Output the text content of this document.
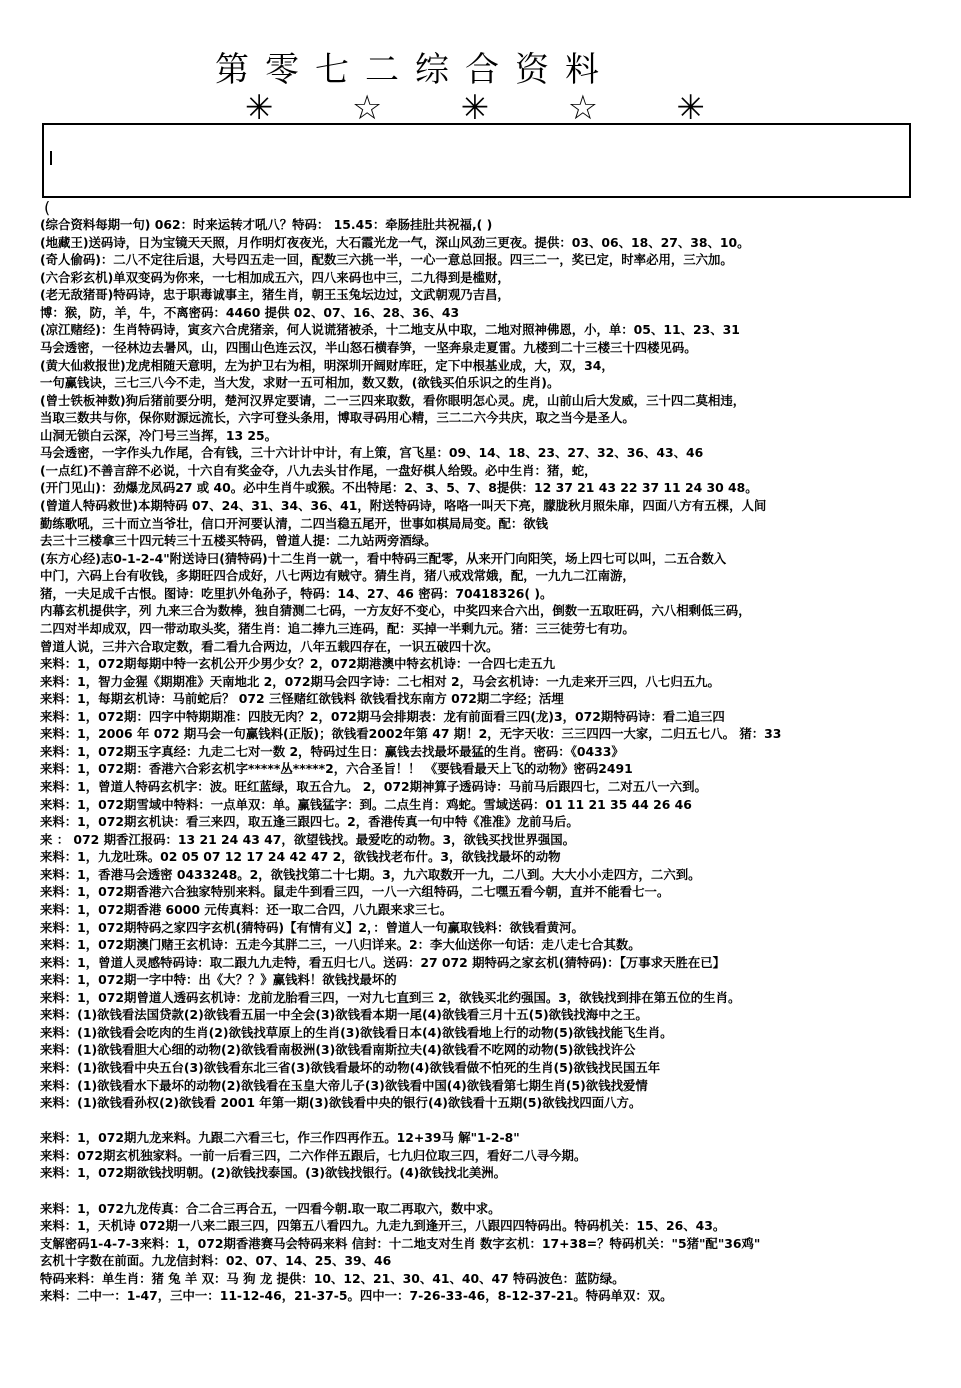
第零七二综合资料
✳ ☆ ✳ ☆ ✳
(
(综合资料每期一句) 062：时来运转才吼八？特码： 15.45：牵肠挂肚共祝福,( )
(地藏王)送码诗，日为宝镜天天照，月作明灯夜夜光，大石霞光龙一气，深山风劲三更夜。提供：03、06、18、27、38、10。
(奇人偷码)：二八不定往后退，大号四五走一回，配数三六挑一半，一心一意总回报。四三二一，奖已定，时率必用，三六加。
(六合彩玄机)单双变码为你来，一七相加成五六，四八来码也中三，二九得到是槛财，
(老无敌猪哥)特码诗，忠于职毒诚事主，猪生肖，朝王玉兔坛边过，文武朝观乃吉昌，
博：猴，防，羊，牛，不离密码：4460 提供 02、07、16、28、36、43
(凉江赌经)：生肖特码诗，寅亥六合虎猪亲，何人说谎猪被杀，十二地支从中取，二地对照神佛恩，小，单：05、11、23、31
马会透密，一径林边去暑风，山，四围山色连云汉，半山怒石横春笋，一坚奔泉走夏雷。九楼到二十三楼三十四楼见码。
(黄大仙救报世)龙虎相随天意明，左为护卫右为相，明深圳开阔财库旺，定下中根基业成，大，双，34，
一句赢钱诀，三七三八今不走，当大发，求财一五可相加，数又数，(欲钱买伯乐识之的生肖)。
(曾士铁板神数)狗后猪前要分明，楚河汉界定要请，二一三四来取数，看你眼明怎心灵。虎，山前山后大发威，三十四二莫相违，
当取三数共与你，保你财源远流长，六字可登头条用，博取寻码用心精，三二二六今共庆，取之当今是圣人。
山洞无锁白云深，冷门号三当挥，13 25。
马会透密，一字作头九作尾，合有钱，三十六计计中计，有上策，宫飞星：09、14、18、23、27、32、36、43、46
(一点红)不善言辞不必说，十六自有奖金夺，八九去头甘作尾，一盘好棋人给毁。必中生肖：猪，蛇，
(开门见山)：劲爆龙凤码27 或 40。必中生肖牛或猴。不出特尾：2、3、5、7、8提供：12 37 21 43 22 37 11 24 30 48。
(曾道人特码救世)本期特码 07、24、31、34、36、41，附送特码诗，咯咯一叫天下亮，朦胧秋月照朱扉，四面八方有五棵，人间
勤练歌吼，三十而立当爷壮，信口开河要认清，二四当稳五尾开，世事如棋局局变。配：欲钱
去三十三楼拿三十四元转三十五楼买特码，曾道人提：二九站两旁酒绿。
(东方心经)志0-1-2-4"附送诗曰(猜特码)十二生肖一就一，看中特码三配零，从来开门向阳笑，场上四七可以叫，二五合数入
中门，六码上台有收钱，多期旺四合成好，八七两边有贼守。猜生肖，猪八戒戏常娥，配，一九九二江南游，
猪，一夫足成千古恨。图诗：吃里扒外龟孙子，特码：14、27、46 密码：70418326( )。
内幕玄机提供字，列 九来三合为数棒，独自猜测二七码，一方友好不变心，中奖四来合六出，倒数一五取旺码，六八相剩低三码，
二四对半却成双，四一带动取头奖，猪生肖：追二捧九三连码，配：买掉一半剩九元。猪：三三徒劳七有功。
曾道人说，三井六合取定数，看二看九合两边，八年五载四存在，一识五破四十次。
来料：1，072期每期中特一玄机公开少男少女？2，072期港澳中特玄机诗：一合四七走五九
来料：1，智力金猩《期期准》天南地北 2，072期马会四字诗：二七相对 2，马会玄机诗：一九走来开三四，八七归五九。
来料：1，每期玄机诗：马前蛇后？ 072 三怪赌红欲钱料 欲钱看找东南方 072期二字经；活埋
来料：1，072期：四字中特期期准：四肢无肉？2，072期马会排期表：龙有前面看三四(龙)3，072期特码诗：看二追三四
来料：1，2006 年 072 期马会一句赢钱料(正版)；欲钱看2002年第 47 期！2，无字天收：三三四四一大家，二归五七八。 猪：33
来料：1，072期玉字真经：九走二七对一数 2，特码过生日：赢钱去找最坏最猛的生肖。密码：《0433》
来料：1，072期：香港六合彩玄机字*****丛*****2，六合圣旨！！ 《要钱看最天上飞的动物》密码2491
来料：1，曾道人特码玄机字：波。旺红蓝绿，取五合九。 2，072期神算子透码诗：马前马后跟四七，二对五八一六到。
来料：1，072期雪域中特料：一点单双：单。赢钱猛字：到。二点生肖：鸡蛇。雪域送码：01 11 21 35 44 26 46
来料：1，072期玄机诀：看三来四，取五逢三跟四七。2，香港传真一句中特《准准》龙前马后。
来 ： 072 期香江报码：13 21 24 43 47，欲望钱找。最爱吃的动物。3，欲钱买找世界强国。
来料：1，九龙吐珠。02 05 07 12 17 24 42 47 2，欲钱找老布什。3，欲钱找最坏的动物
来料：1，香港马会透密 0433248。2，欲钱找第二十七期。3，九六取数开一九，二八到。大大小小走四方，二六到。
来料：1，072期香港六合独家特别来料。鼠走牛到看三四，一八一六组特码，二七嘿五看今朝，直并不能看七一。
来料：1，072期香港 6000 元传真料：还一取二合四，八九跟来求三七。
来料：1，072期特码之家四字玄机(猜特码)【有情有义】2，：曾道人一句赢取钱料：欲钱看黄河。
来料：1，072期澳门赌王玄机诗：五走今其胖二三，一八归详来。2：李大仙送你一句话：走八走七合其数。
来料：1，曾道人灵感特码诗：取二跟九九走特，看五归七八。送码：27 072 期特码之家玄机(猜特码)：【万事求天胜在已】
来料：1，072期一字中特：出《大？？》赢钱料！欲钱找最坏的
来料：1，072期曾道人透码玄机诗：龙前龙胎看三四，一对九七直到三 2，欲钱买北约强国。3，欲钱找到排在第五位的生肖。
来料：(1)欲钱看法国贷款(2)欲钱看五届一中全会(3)欲钱看本期一尾(4)欲钱看三月十五(5)欲钱找海中之王。
来料：(1)欲钱看会吃肉的生肖(2)欲钱找草原上的生肖(3)欲钱看日本(4)欲钱看地上行的动物(5)欲钱找能飞生肖。
来料：(1)欲钱看胆大心细的动物(2)欲钱看南极洲(3)欲钱看南斯拉夫(4)欲钱看不吃网的动物(5)欲钱找许公
来料：(1)欲钱看中央五台(3)欲钱看东北三省(3)欲钱看最坏的动物(4)欲钱看做不怕死的生肖(5)欲钱找民国五年
来料：(1)欲钱看水下最坏的动物(2)欲钱看在玉皇大帝儿子(3)欲钱看中国(4)欲钱看第七期生肖(5)欲钱找爱情
来料：(1)欲钱看孙权(2)欲钱看 2001 年第一期(3)欲钱看中央的银行(4)欲钱看十五期(5)欲钱找四面八方。
来料：1，072期九龙来料。九跟二六看三七，作三作四再作五。12+39马 解"1-2-8"
来料：072期玄机独家料。一前一后看三四，二六作伴五跟后，七九归位取三四，看好二八寻今期。
来料：1，072期欲钱找明朝。(2)欲钱找泰国。(3)欲钱找银行。(4)欲钱找北美洲。
来料：1，072九龙传真：合二合三再合五，一四看今朝.取一取二再取六，数中求。
来料：1，天机诗 072期一八来二跟三四，四第五八看四九。九走九到逢开三，八跟四四特码出。特码机关：15、26、43。
支解密码1-4-7-3来料：1，072期香港赛马会特码来料 信封：十二地支对生肖 数字玄机：17+38=？特码机关："5猪"配"36鸡"
玄机十字数在前面。九龙信封料：02、07、14、25、39、46
特码来料：单生肖：猪 兔 羊 双：马 狗 龙 提供：10、12、21、30、41、40、47 特码波色：蓝防绿。
来料：二中一：1-47，三中一：11-12-46，21-37-5。四中一：7-26-33-46，8-12-37-21。特码单双：双。
